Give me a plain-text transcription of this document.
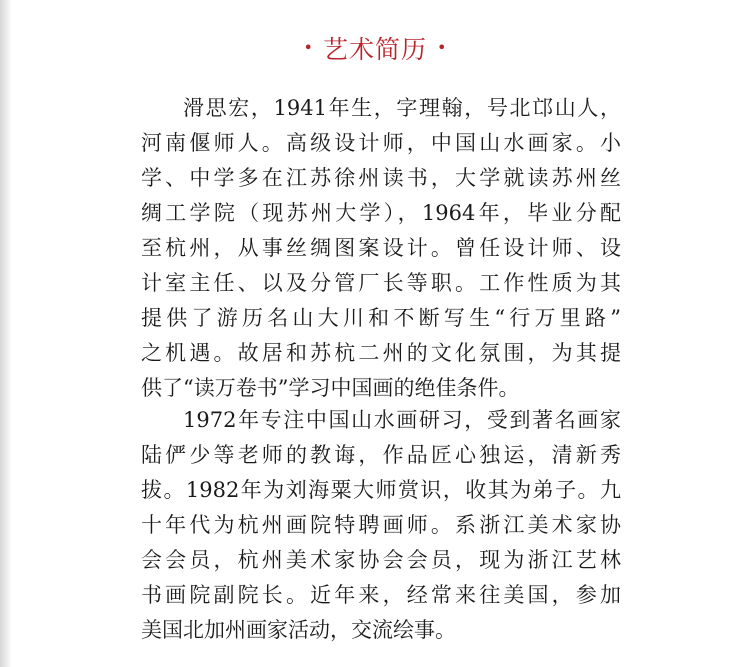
• 艺术简历 •
滑思宏，1941年生，字理翰，号北邙山人，
河南偃师人。高级设计师，中国山水画家。小
学、中学多在江苏徐州读书，大学就读苏州丝
绸工学院（现苏州大学），1964年，毕业分配
至杭州，从事丝绸图案设计。曾任设计师、设
计室主任、以及分管厂长等职。工作性质为其
提供了游历名山大川和不断写生“行万里路”
之机遇。故居和苏杭二州的文化氛围，为其提
供了“读万卷书”学习中国画的绝佳条件。
1972年专注中国山水画研习，受到著名画家
陆俨少等老师的教诲，作品匠心独运，清新秀
拔。1982年为刘海粟大师赏识，收其为弟子。九
十年代为杭州画院特聘画师。系浙江美术家协
会会员，杭州美术家协会会员，现为浙江艺林
书画院副院长。近年来，经常来往美国，参加
美国北加州画家活动，交流绘事。
